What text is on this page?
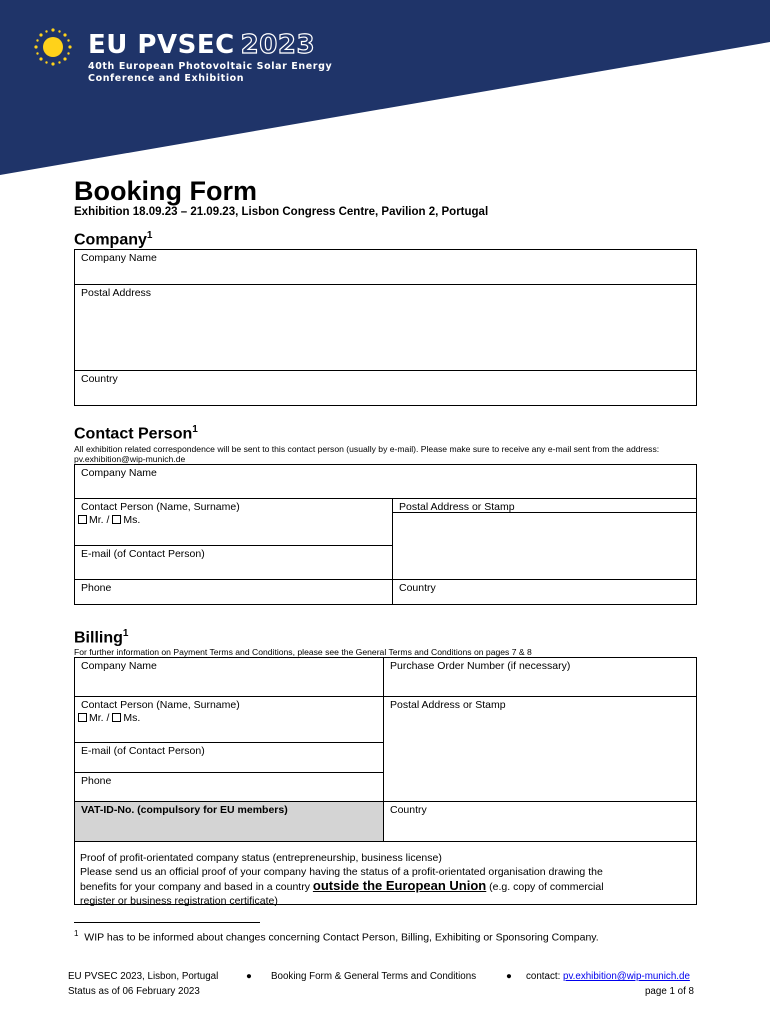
EU PVSEC 2023
40th European Photovoltaic Solar Energy
Conference and Exhibition
Booking Form
Exhibition 18.09.23 – 21.09.23, Lisbon Congress Centre, Pavilion 2, Portugal
Company$^1$
Company Name
Postal Address
Country
Contact Person$^1$
All exhibition related correspondence will be sent to this contact person (usually by e-mail). Please make sure to receive any e-mail sent from the address: pv.exhibition@wip-munich.de
Company Name
Contact Person (Name, Surname)
Mr. / Ms.
Postal Address or Stamp
E-mail (of Contact Person)
Phone	Country
Billing$^1$
For further information on Payment Terms and Conditions, please see the General Terms and Conditions on pages 7 & 8
Company Name	Purchase Order Number (if necessary)
Contact Person (Name, Surname)
Mr. / Ms.
Postal Address or Stamp
E-mail (of Contact Person)
Phone
VAT-ID-No. (compulsory for EU members)	Country
Proof of profit-orientated company status (entrepreneurship, business license)
Please send us an official proof of your company having the status of a profit-orientated organisation drawing the
benefits for your company and based in a country outside the European Union (e.g. copy of commercial
register or business registration certificate)
$^1$ WIP has to be informed about changes concerning Contact Person, Billing, Exhibiting or Sponsoring Company.
EU PVSEC 2023, Lisbon, Portugal
Status as of 06 February 2023
● Booking Form & General Terms and Conditions	● contact: pv.exhibition@wip-munich.de
page 1 of 8
